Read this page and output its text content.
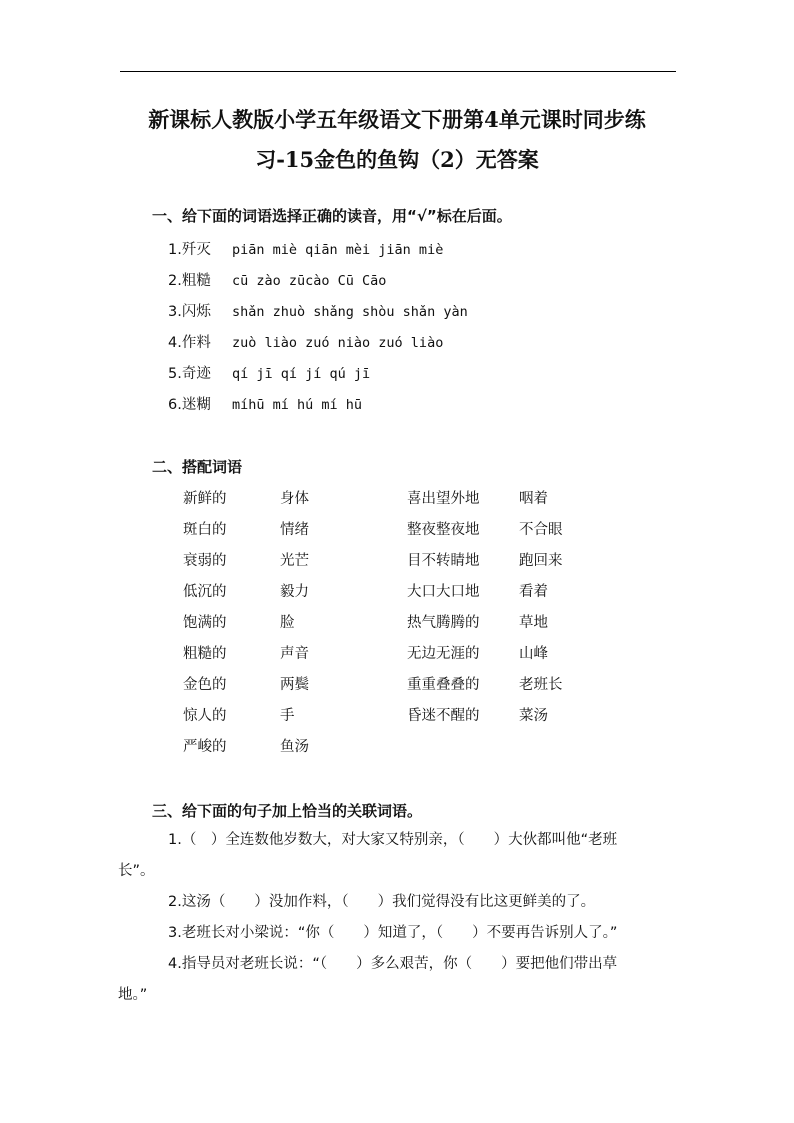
新课标人教版小学五年级语文下册第4单元课时同步练
习-15金色的鱼钩（2）无答案
一、给下面的词语选择正确的读音，用“√”标在后面。
1.歼灭 piān miè qiān mèi jiān miè
2.粗糙 cū zào zūcào Cū Cāo
3.闪烁 shǎn zhuò shǎng shòu shǎn yàn
4.作料 zuò liào zuó niào zuó liào
5.奇迹 qí jī qí jí qú jī
6.迷糊 míhū mí hú mí hū
二、搭配词语
新鲜的
斑白的
衰弱的
低沉的
饱满的
粗糙的
金色的
惊人的
严峻的
身体
情绪
光芒
毅力
脸
声音
两鬓
手
鱼汤
喜出望外地
整夜整夜地
目不转睛地
大口大口地
热气腾腾的
无边无涯的
重重叠叠的
昏迷不醒的
咽着
不合眼
跑回来
看着
草地
山峰
老班长
菜汤
三、给下面的句子加上恰当的关联词语。
1.（　）全连数他岁数大，对大家又特别亲，（　　）大伙都叫他“老班
长”。
2.这汤（　　）没加作料，（　　）我们觉得没有比这更鲜美的了。
3.老班长对小梁说：“你（　　）知道了，（　　）不要再告诉别人了。”
4.指导员对老班长说：“（　　）多么艰苦，你（　　）要把他们带出草
地。”
